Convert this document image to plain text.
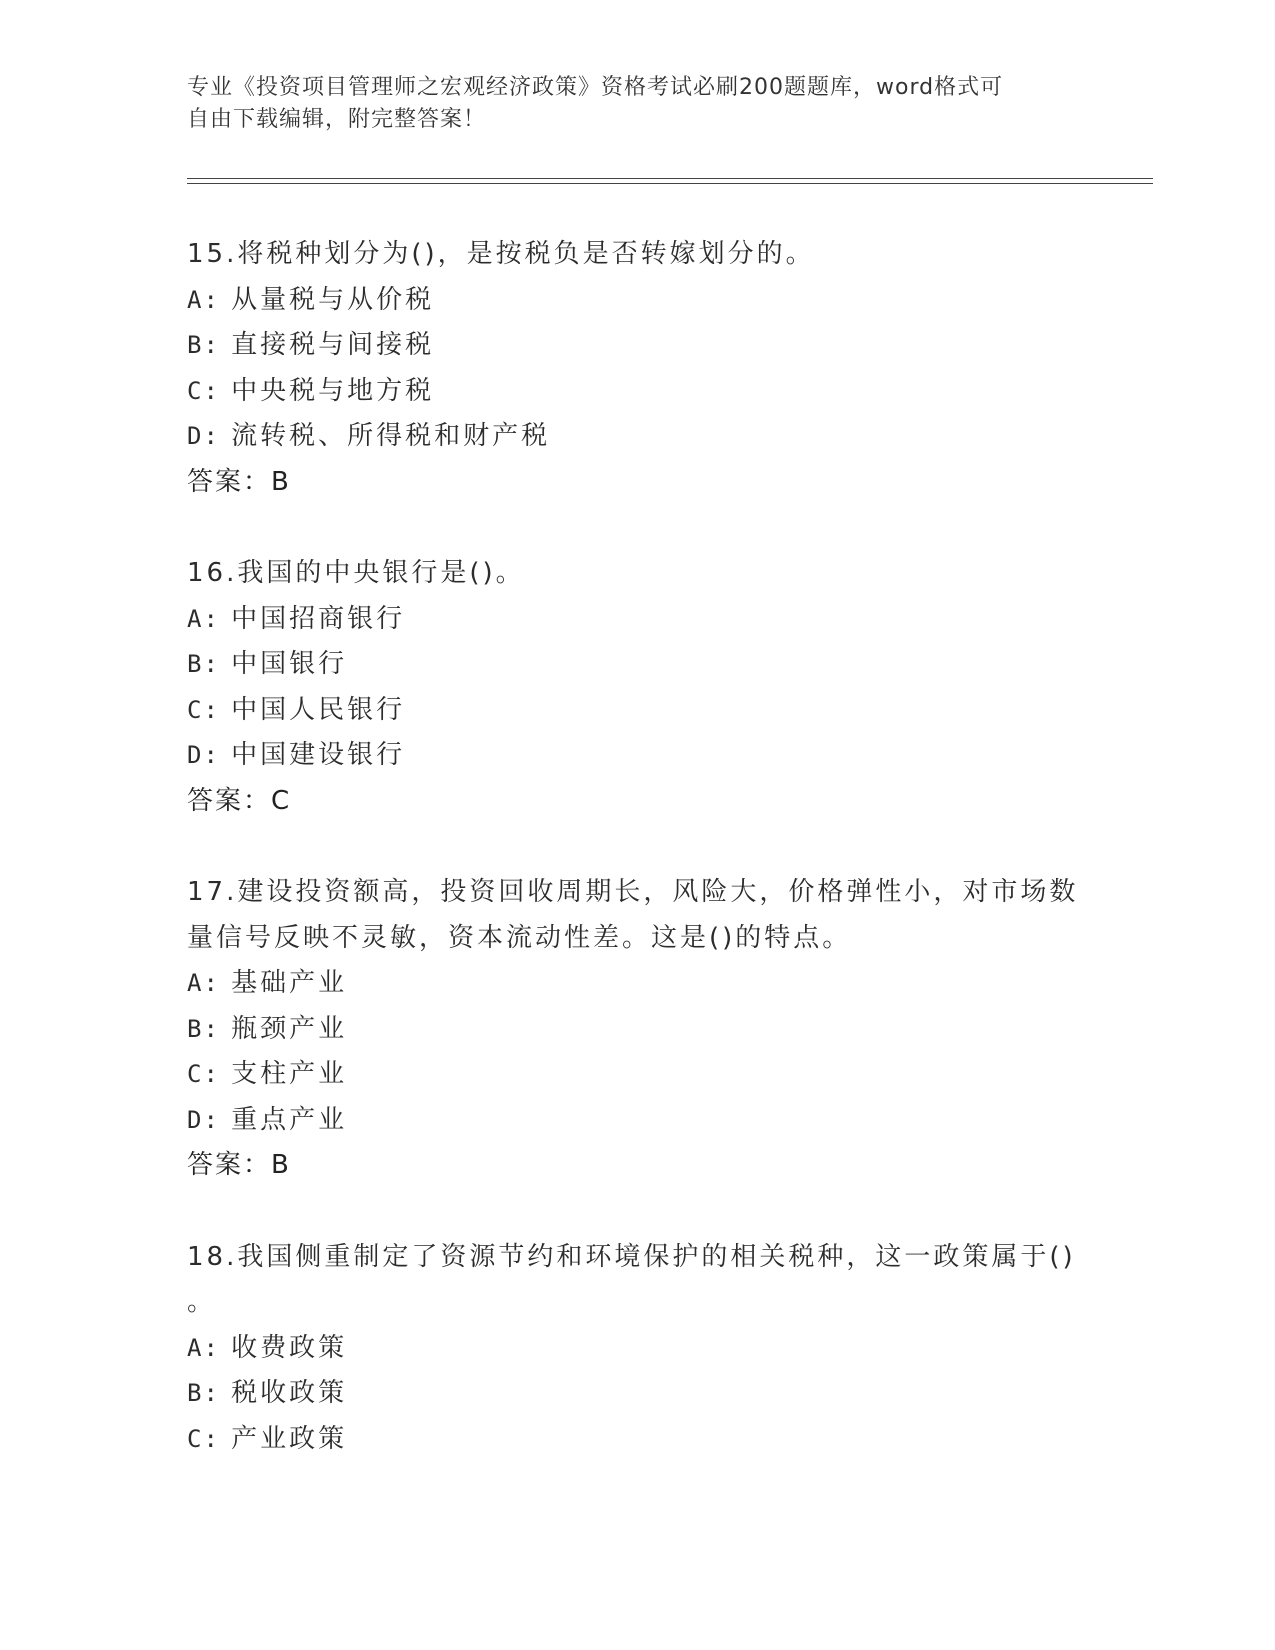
专业《投资项目管理师之宏观经济政策》资格考试必刷200题题库，word格式可
自由下载编辑，附完整答案！
15.将税种划分为()，是按税负是否转嫁划分的。
A: 从量税与从价税
B: 直接税与间接税
C: 中央税与地方税
D: 流转税、所得税和财产税
答案：B
16.我国的中央银行是()。
A: 中国招商银行
B: 中国银行
C: 中国人民银行
D: 中国建设银行
答案：C
17.建设投资额高，投资回收周期长，风险大，价格弹性小，对市场数
量信号反映不灵敏，资本流动性差。这是()的特点。
A: 基础产业
B: 瓶颈产业
C: 支柱产业
D: 重点产业
答案：B
18.我国侧重制定了资源节约和环境保护的相关税种，这一政策属于()
。
A: 收费政策
B: 税收政策
C: 产业政策
